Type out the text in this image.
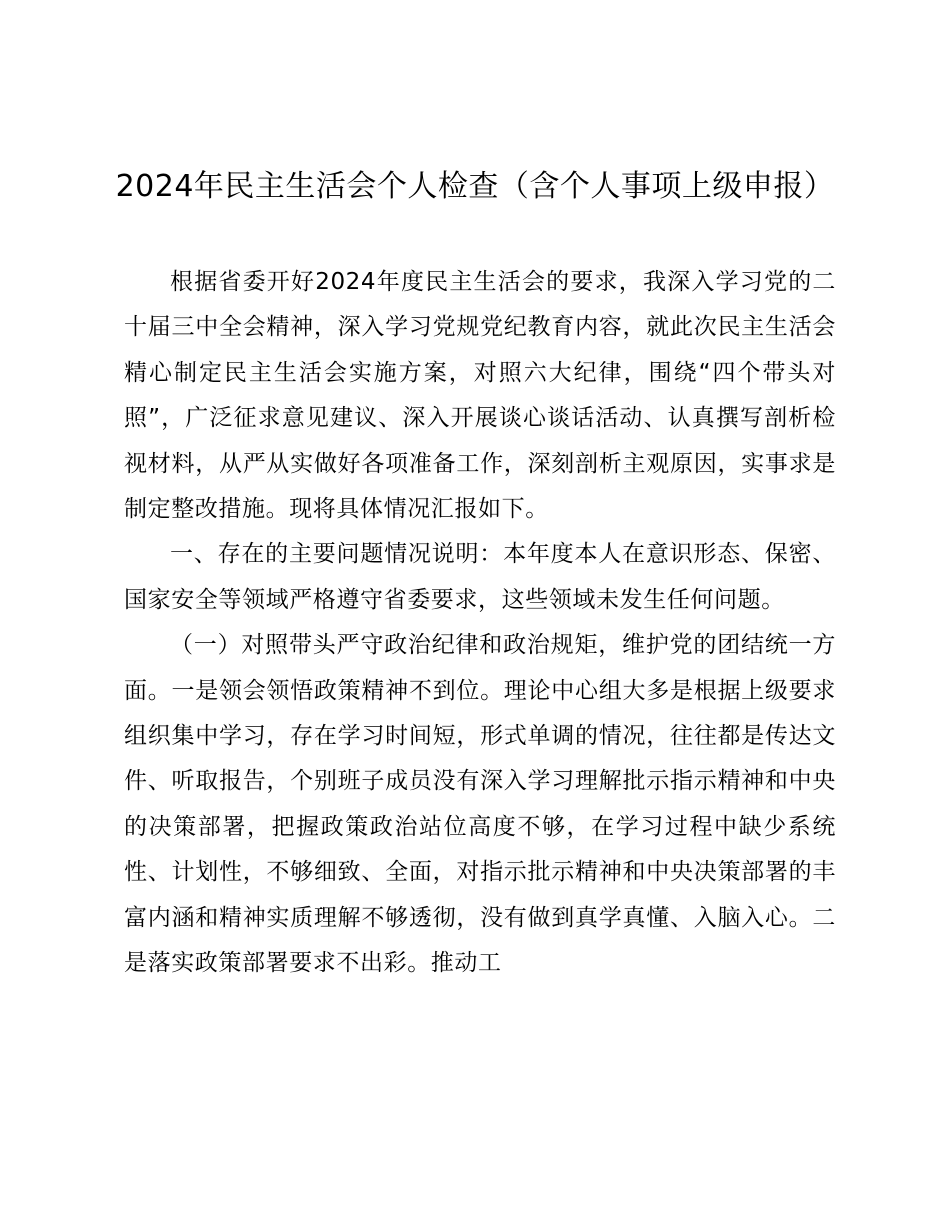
2024年民主生活会个人检查（含个人事项上级申报）

根据省委开好2024年度民主生活会的要求，我深入学习党的二十届三中全会精神，深入学习党规党纪教育内容，就此次民主生活会精心制定民主生活会实施方案，对照六大纪律，围绕“四个带头对照”，广泛征求意见建议、深入开展谈心谈话活动、认真撰写剖析检视材料，从严从实做好各项准备工作，深刻剖析主观原因，实事求是制定整改措施。现将具体情况汇报如下。

一、存在的主要问题情况说明：本年度本人在意识形态、保密、国家安全等领域严格遵守省委要求，这些领域未发生任何问题。

（一）对照带头严守政治纪律和政治规矩，维护党的团结统一方面。一是领会领悟政策精神不到位。理论中心组大多是根据上级要求组织集中学习，存在学习时间短，形式单调的情况，往往都是传达文件、听取报告，个别班子成员没有深入学习理解批示指示精神和中央的决策部署，把握政策政治站位高度不够，在学习过程中缺少系统性、计划性，不够细致、全面，对指示批示精神和中央决策部署的丰富内涵和精神实质理解不够透彻，没有做到真学真懂、入脑入心。二是落实政策部署要求不出彩。推动工
